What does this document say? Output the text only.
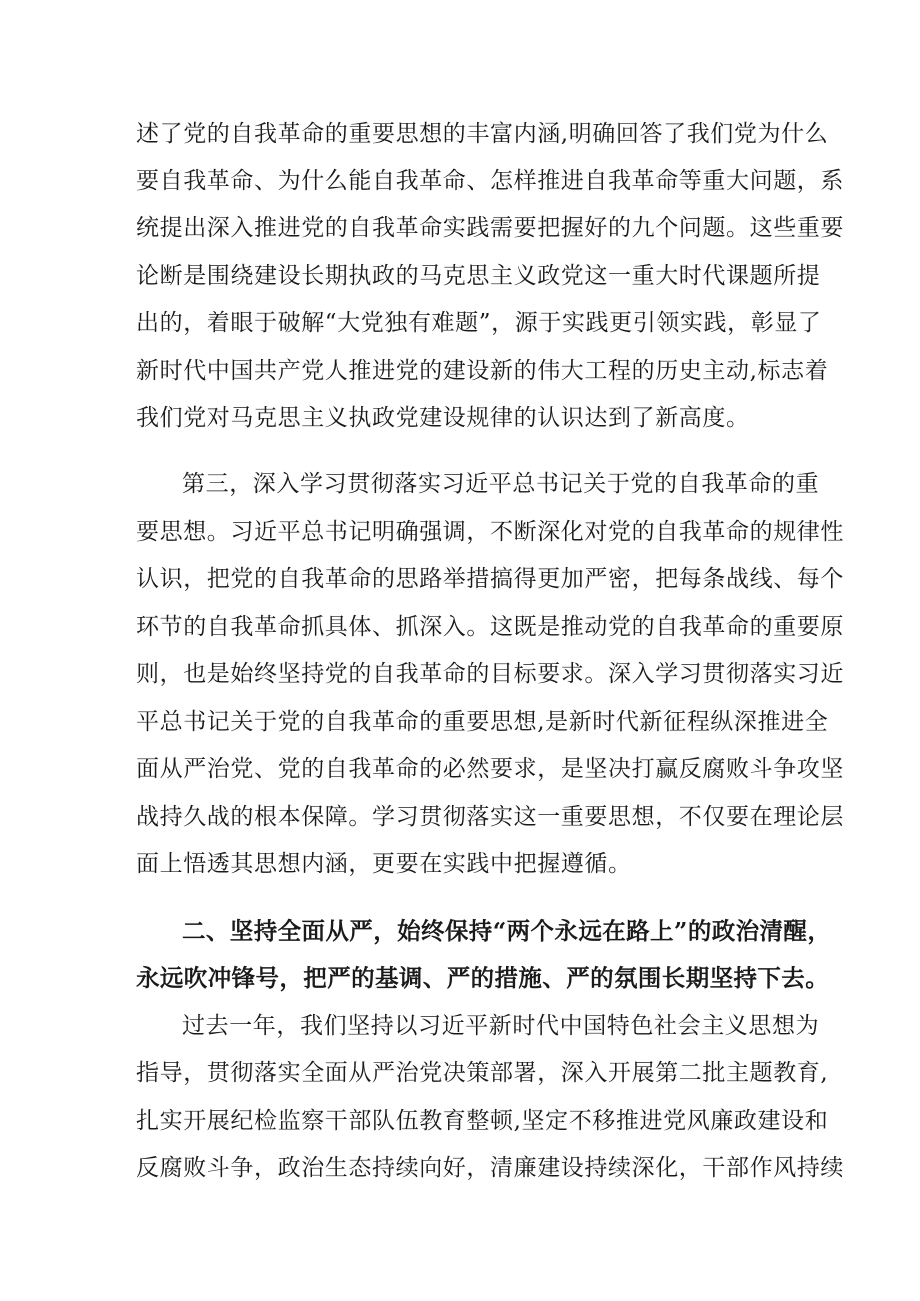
述了党的自我革命的重要思想的丰富内涵,明确回答了我们党为什么
要自我革命、为什么能自我革命、怎样推进自我革命等重大问题，系
统提出深入推进党的自我革命实践需要把握好的九个问题。这些重要
论断是围绕建设长期执政的马克思主义政党这一重大时代课题所提
出的，着眼于破解“大党独有难题”，源于实践更引领实践，彰显了
新时代中国共产党人推进党的建设新的伟大工程的历史主动,标志着
我们党对马克思主义执政党建设规律的认识达到了新高度。
第三，深入学习贯彻落实习近平总书记关于党的自我革命的重
要思想。习近平总书记明确强调，不断深化对党的自我革命的规律性
认识，把党的自我革命的思路举措搞得更加严密，把每条战线、每个
环节的自我革命抓具体、抓深入。这既是推动党的自我革命的重要原
则，也是始终坚持党的自我革命的目标要求。深入学习贯彻落实习近
平总书记关于党的自我革命的重要思想,是新时代新征程纵深推进全
面从严治党、党的自我革命的必然要求，是坚决打赢反腐败斗争攻坚
战持久战的根本保障。学习贯彻落实这一重要思想，不仅要在理论层
面上悟透其思想内涵，更要在实践中把握遵循。
二、坚持全面从严，始终保持“两个永远在路上”的政治清醒，
永远吹冲锋号，把严的基调、严的措施、严的氛围长期坚持下去。
过去一年，我们坚持以习近平新时代中国特色社会主义思想为
指导，贯彻落实全面从严治党决策部署，深入开展第二批主题教育,
扎实开展纪检监察干部队伍教育整顿,坚定不移推进党风廉政建设和
反腐败斗争，政治生态持续向好，清廉建设持续深化，干部作风持续
